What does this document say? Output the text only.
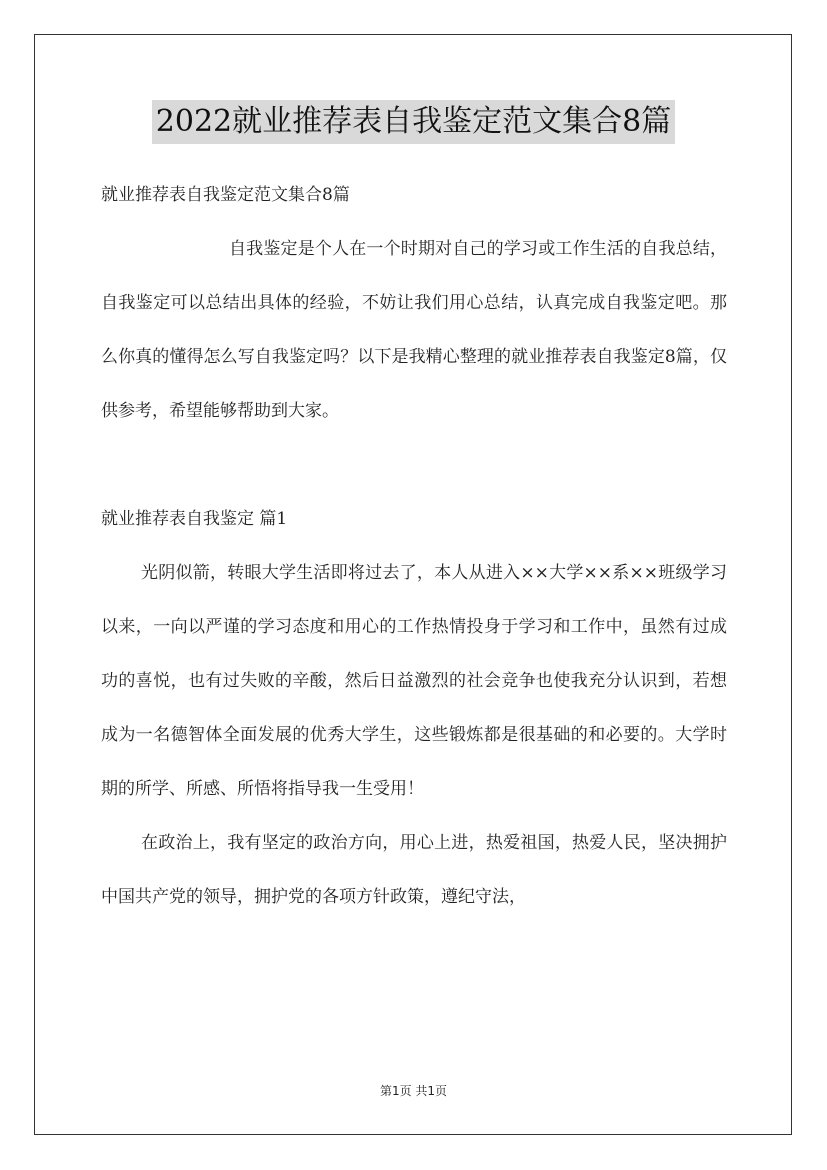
2022就业推荐表自我鉴定范文集合8篇

就业推荐表自我鉴定范文集合8篇

自我鉴定是个人在一个时期对自己的学习或工作生活的自我总结，自我鉴定可以总结出具体的经验，不妨让我们用心总结，认真完成自我鉴定吧。那么你真的懂得怎么写自我鉴定吗？以下是我精心整理的就业推荐表自我鉴定8篇，仅供参考，希望能够帮助到大家。

就业推荐表自我鉴定 篇1

光阴似箭，转眼大学生活即将过去了，本人从进入××大学××系××班级学习以来，一向以严谨的学习态度和用心的工作热情投身于学习和工作中，虽然有过成功的喜悦，也有过失败的辛酸，然后日益激烈的社会竞争也使我充分认识到，若想成为一名德智体全面发展的优秀大学生，这些锻炼都是很基础的和必要的。大学时期的所学、所感、所悟将指导我一生受用！

在政治上，我有坚定的政治方向，用心上进，热爱祖国，热爱人民，坚决拥护中国共产党的领导，拥护党的各项方针政策，遵纪守法，

第1页 共1页
